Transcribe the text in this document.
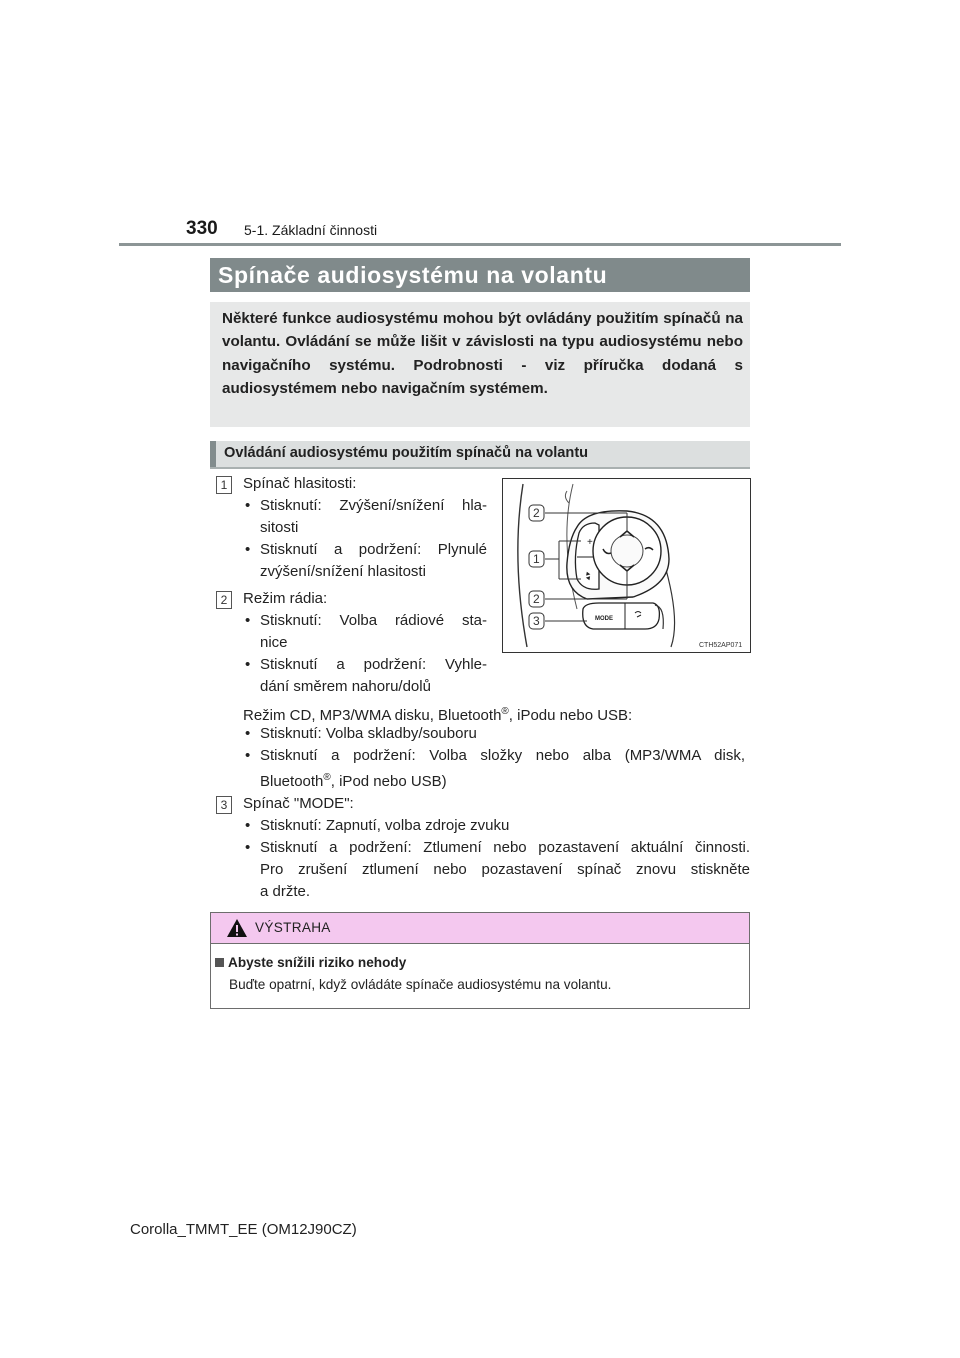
330 5-1. Základní činnosti
Spínače audiosystému na volantu
Některé funkce audiosystému mohou být ovládány použitím spínačů na volantu. Ovládání se může lišit v závislosti na typu audiosystému nebo navigačního systému. Podrobnosti - viz příručka dodaná s audiosystémem nebo navigačním systémem.
Ovládání audiosystému použitím spínačů na volantu
1	Spínač hlasitosti:
• Stisknutí: Zvýšení/snížení hla-
sitosti
• Stisknutí a podržení: Plynulé
zvýšení/snížení hlasitosti
2	Režim rádia:
• Stisknutí: Volba rádiové sta-
nice
• Stisknutí a podržení: Vyhle-
dání směrem nahoru/dolů
Režim CD, MP3/WMA disku, Bluetooth®, iPodu nebo USB:
• Stisknutí: Volba skladby/souboru
• Stisknutí a podržení: Volba složky nebo alba (MP3/WMA disk,
Bluetooth®, iPod nebo USB)
3	Spínač "MODE":
• Stisknutí: Zapnutí, volba zdroje zvuku
• Stisknutí a podržení: Ztlumení nebo pozastavení aktuální činnosti.
Pro zrušení ztlumení nebo pozastavení spínač znovu stiskněte
a držte.
+
▴▾
MODE
2
1
2
3
CTH52AP071
VÝSTRAHA
Abyste snížili riziko nehody
Buďte opatrní, když ovládáte spínače audiosystému na volantu.
Corolla_TMMT_EE (OM12J90CZ)
